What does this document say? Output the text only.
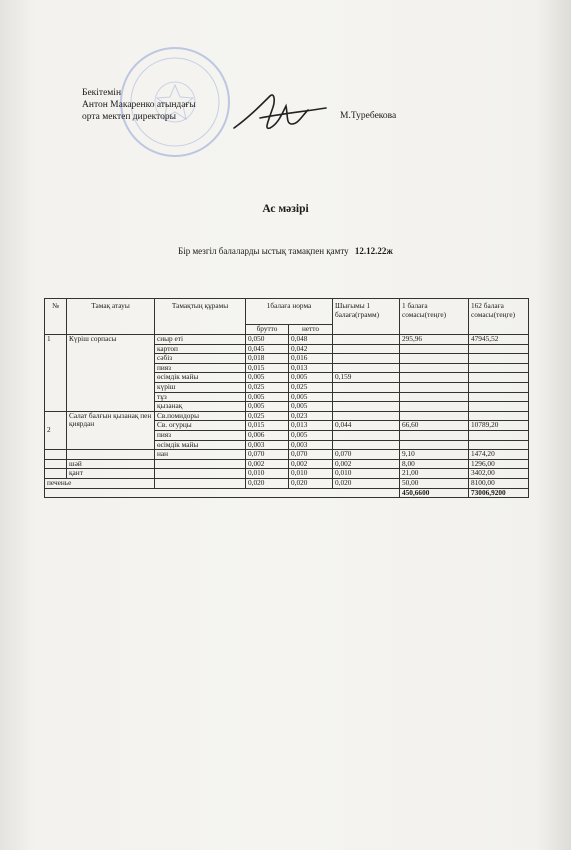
Бекітемін
Антон Макаренко атындағы
орта мектеп директоры	М.Туребекова
Ас мәзірі
Бір мезгіл балаларды ыстық тамақпен қамту 12.12.22ж
№	Тамақ атауы	Тамақтың құрамы	1балаға норма		Шығымы 1 балаға(грамм)	1 балаға сомасы(теңге)	162 балаға сомасы(теңге)
			брутто	нетто			
1	Күріш сорпасы	сиыр еті	0,050	0,048		295,96	47945,52
		картоп	0,045	0,042			
		сәбіз	0,018	0,016			
		пияз	0,015	0,013			
		өсімдік майы	0,005	0,005	0,159		
		күріш	0,025	0,025			
		тұз	0,005	0,005			
		қызанақ	0,005	0,005			
2	Салат балғын қызанақ пен қиярдан	Св.помидоры	0,025	0,023			
		Св. огурцы	0,015	0,013	0,044	66,60	10789,20
		пияз	0,006	0,005			
		өсімдік майы	0,003	0,003			
		нан	0,070	0,070	0,070	9,10	1474,20
	шәй		0,002	0,002	0,002	8,00	1296,00
	қант		0,010	0,010	0,010	21,00	3402,00
печенье			0,020	0,020	0,020	50,00	8100,00
						450,6600	73006,9200
